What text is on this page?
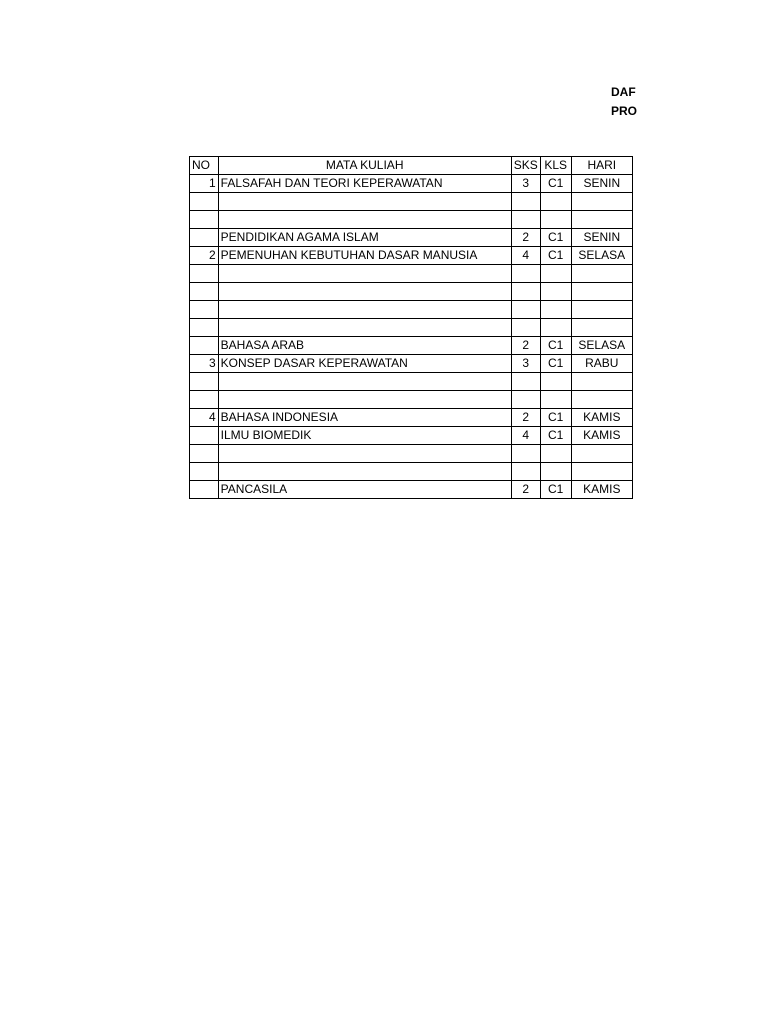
DAF
PRO
NO	MATA KULIAH	SKS	KLS	HARI
1	FALSAFAH DAN TEORI KEPERAWATAN	3	C1	SENIN

	PENDIDIKAN AGAMA ISLAM	2	C1	SENIN
2	PEMENUHAN KEBUTUHAN DASAR MANUSIA	4	C1	SELASA

	BAHASA ARAB	2	C1	SELASA
3	KONSEP DASAR KEPERAWATAN	3	C1	RABU

4	BAHASA INDONESIA	2	C1	KAMIS
	ILMU BIOMEDIK	4	C1	KAMIS

	PANCASILA	2	C1	KAMIS
